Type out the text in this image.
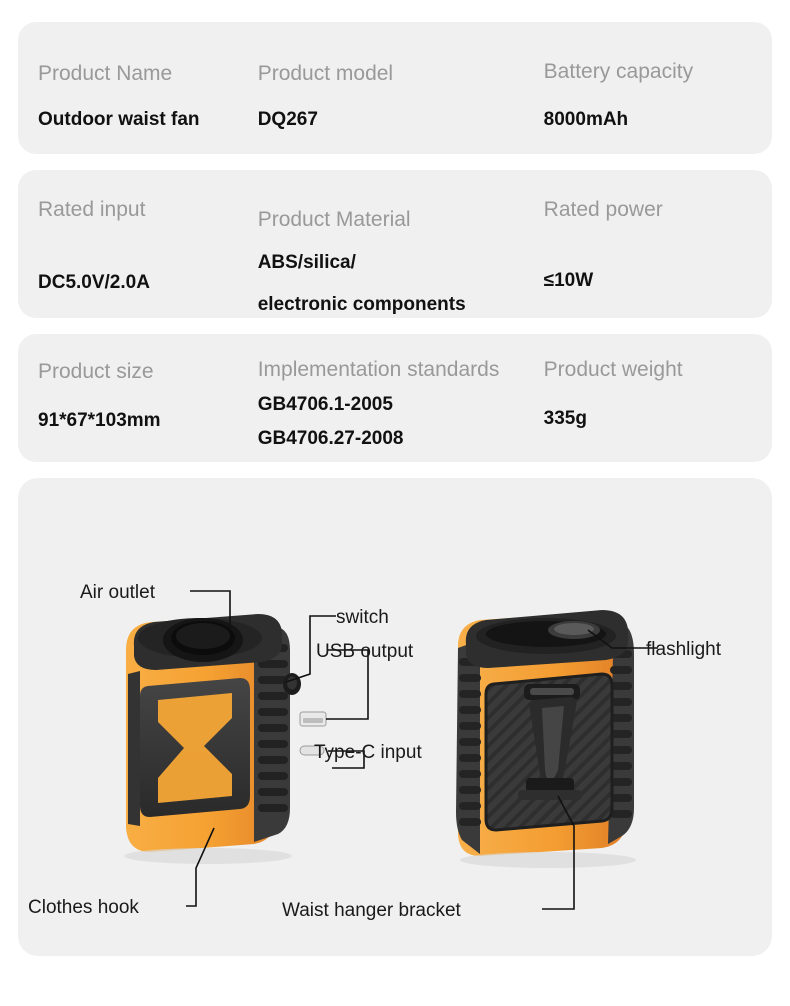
Product Name
Outdoor waist fan
Product model
DQ267
Battery capacity
8000mAh
Rated input
DC5.0V/2.0A
Product Material
ABS/silica/
electronic components
Rated power
≤10W
Product size
91*67*103mm
Implementation standards
GB4706.1-2005
GB4706.27-2008
Product weight
335g
Air outlet
switch
USB output
Type-C input
flashlight
Clothes hook	Waist hanger bracket
